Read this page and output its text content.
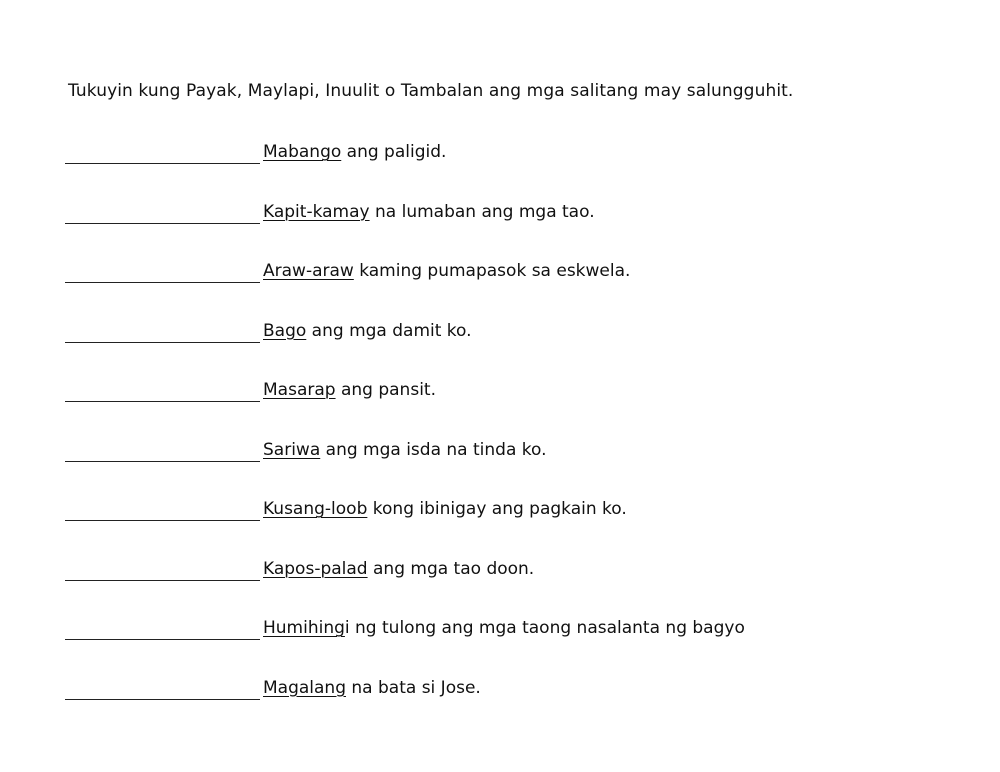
Tukuyin kung Payak, Maylapi, Inuulit o Tambalan ang mga salitang may salungguhit.
Mabango ang paligid.
Kapit-kamay na lumaban ang mga tao.
Araw-araw kaming pumapasok sa eskwela.
Bago ang mga damit ko.
Masarap ang pansit.
Sariwa ang mga isda na tinda ko.
Kusang-loob kong ibinigay ang pagkain ko.
Kapos-palad ang mga tao doon.
Humihingi ng tulong ang mga taong nasalanta ng bagyo
Magalang na bata si Jose.
